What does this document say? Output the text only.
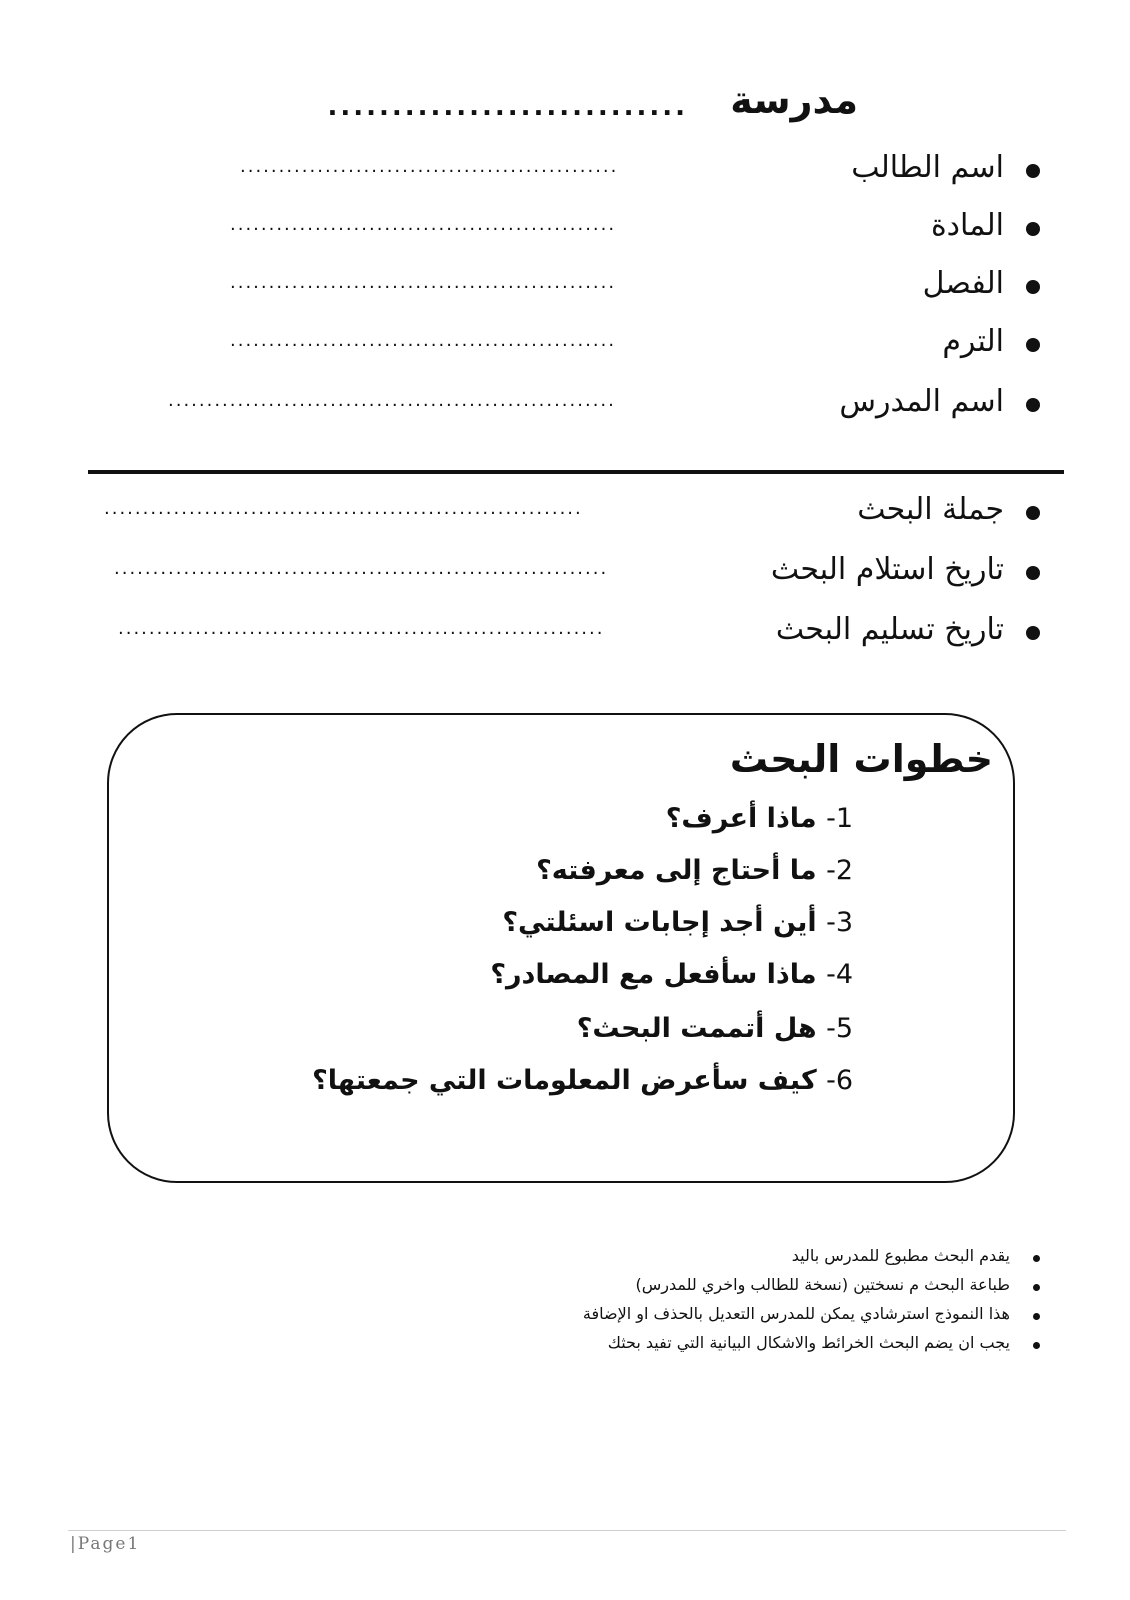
مدرسة
............................
اسم الطالب
.................................................
المادة
..................................................
الفصل
..................................................
الترم
..................................................
اسم المدرس
..........................................................
جملة البحث
..............................................................
تاريخ استلام البحث
................................................................
تاريخ تسليم البحث
...............................................................
خطوات البحث
1- ماذا أعرف؟
2- ما أحتاج إلى معرفته؟
3- أين أجد إجابات اسئلتي؟
4- ماذا سأفعل مع المصادر؟
5- هل أتممت البحث؟
6- كيف سأعرض المعلومات التي جمعتها؟
يقدم البحث مطبوع للمدرس باليد
طباعة البحث م نسختين (نسخة للطالب واخري للمدرس)
هذا النموذج استرشادي يمكن للمدرس التعديل بالحذف او الإضافة
يجب ان يضم البحث الخرائط والاشكال البيانية التي تفيد بحثك
|Page1
